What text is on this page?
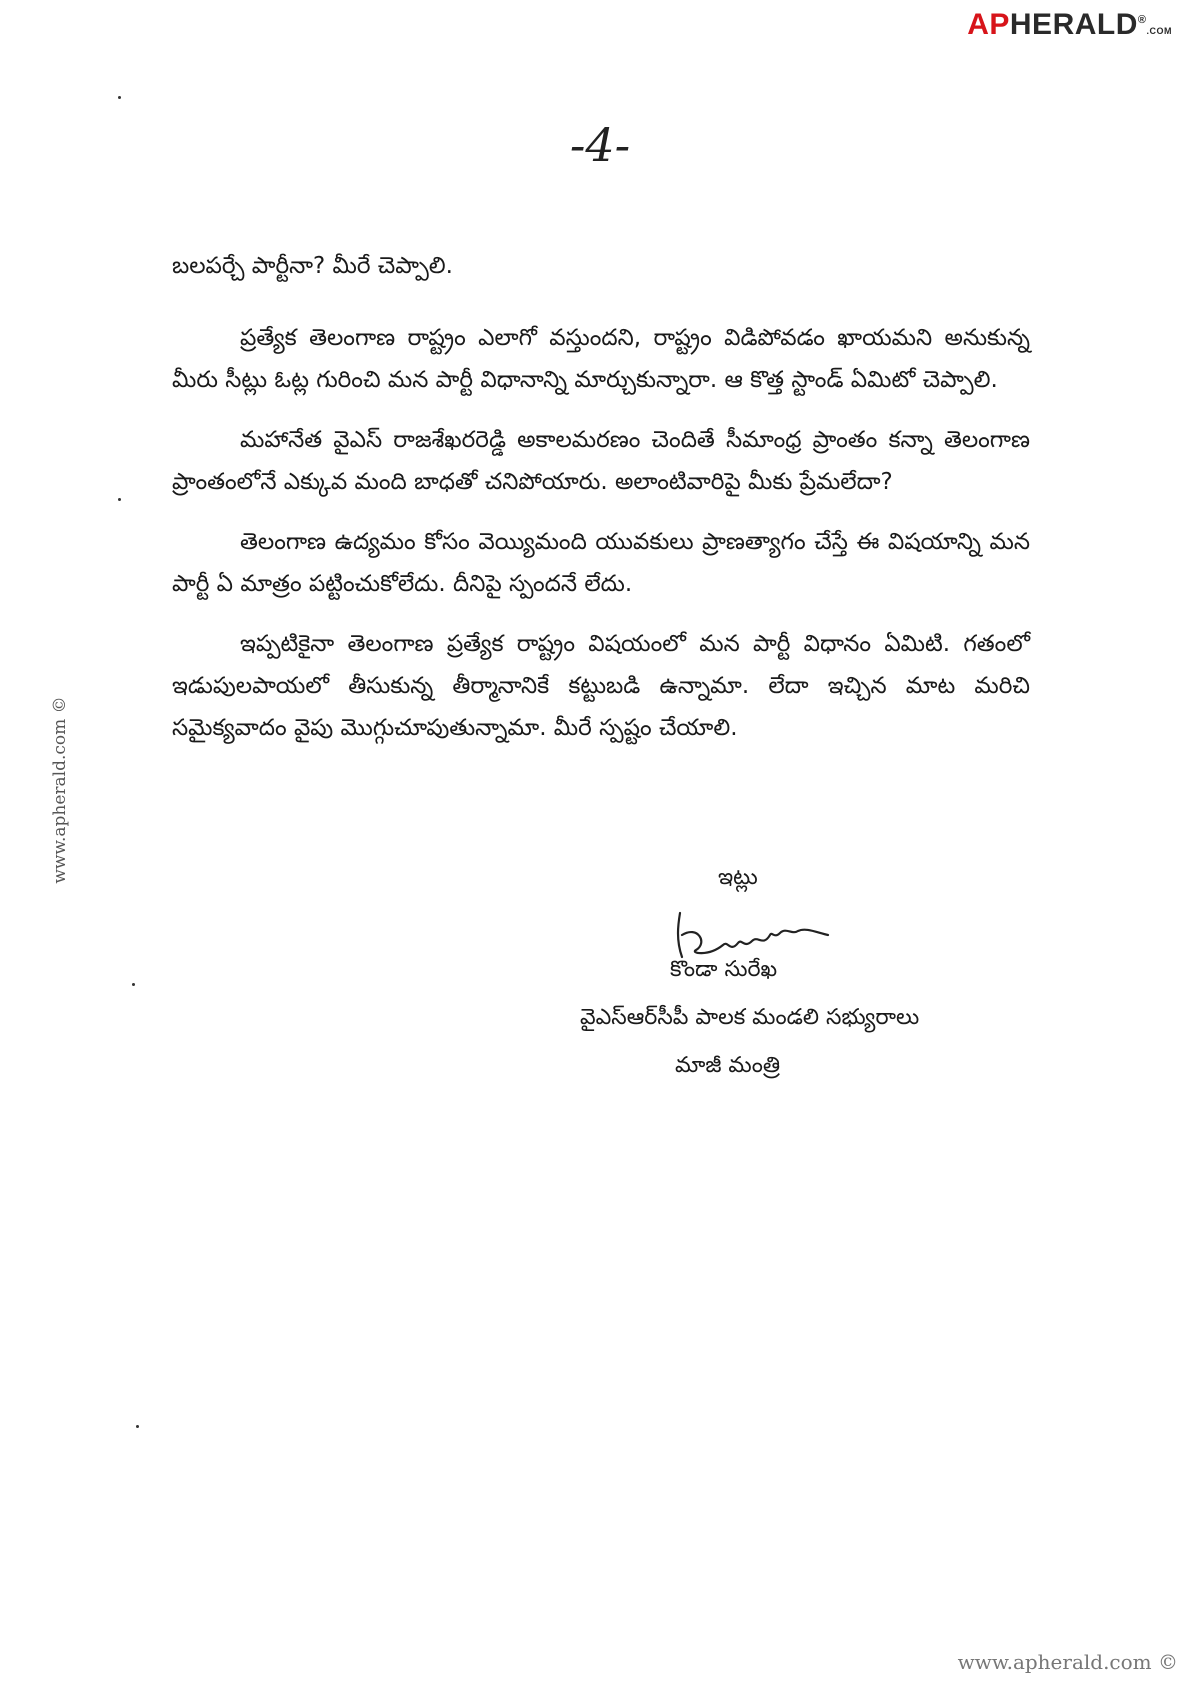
APHERALD®.COM
-4-

బలపర్చే పార్టీనా? మీరే చెప్పాలి.

ప్రత్యేక తెలంగాణ రాష్ట్రం ఎలాగో వస్తుందని, రాష్ట్రం విడిపోవడం ఖాయమని అనుకున్న మీరు సీట్లు ఓట్ల గురించి మన పార్టీ విధానాన్ని మార్చుకున్నారా. ఆ కొత్త స్టాండ్ ఏమిటో చెప్పాలి.

మహానేత వైఎస్ రాజశేఖరరెడ్డి అకాలమరణం చెందితే సీమాంధ్ర ప్రాంతం కన్నా తెలంగాణ ప్రాంతంలోనే ఎక్కువ మంది బాధతో చనిపోయారు. అలాంటివారిపై మీకు ప్రేమలేదా?

తెలంగాణ ఉద్యమం కోసం వెయ్యిమంది యువకులు ప్రాణత్యాగం చేస్తే ఈ విషయాన్ని మన పార్టీ ఏ మాత్రం పట్టించుకోలేదు. దీనిపై స్పందనే లేదు.

ఇప్పటికైనా తెలంగాణ ప్రత్యేక రాష్ట్రం విషయంలో మన పార్టీ విధానం ఏమిటి. గతంలో ఇడుపులపాయలో తీసుకున్న తీర్మానానికే కట్టుబడి ఉన్నామా. లేదా ఇచ్చిన మాట మరిచి సమైక్యవాదం వైపు మొగ్గుచూపుతున్నామా. మీరే స్పష్టం చేయాలి.

ఇట్లు
కొండా సురేఖ
వైఎస్ఆర్‌సీపీ పాలక మండలి సభ్యురాలు
మాజీ మంత్రి
www.apherald.com ©
www.apherald.com ©
